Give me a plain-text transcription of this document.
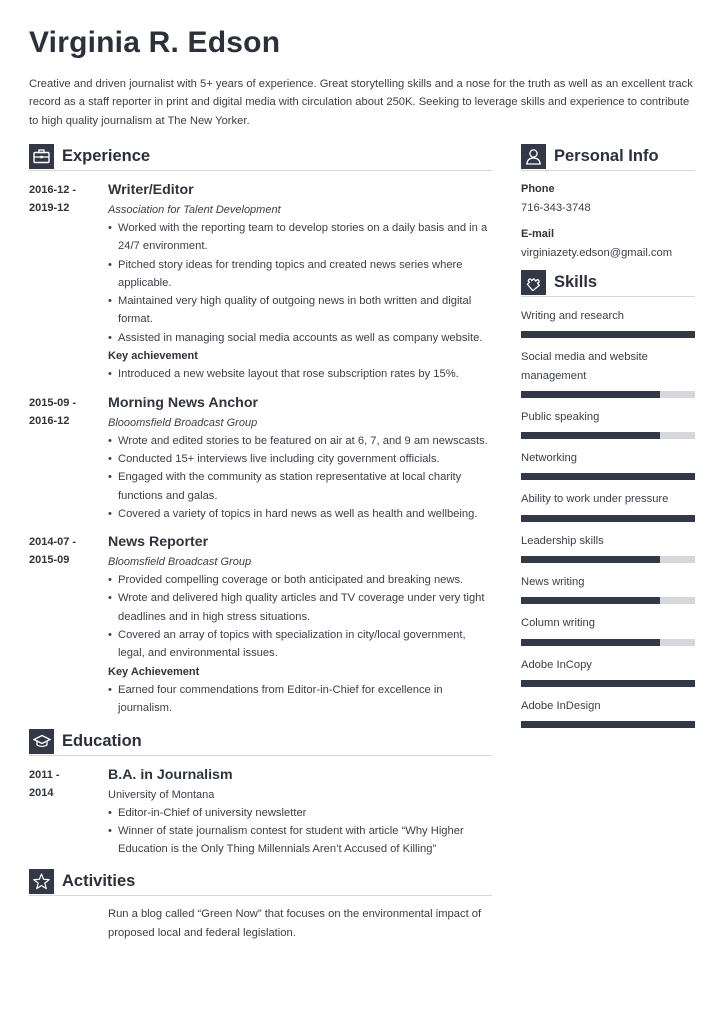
Virginia R. Edson
Creative and driven journalist with 5+ years of experience. Great storytelling skills and a nose for the truth as well as an excellent track record as a staff reporter in print and digital media with circulation about 250K. Seeking to leverage skills and experience to contribute to high quality journalism at The New Yorker.
Experience
2016-12 -
2019-12
Writer/Editor
Association for Talent Development
• Worked with the reporting team to develop stories on a daily basis and in a 24/7 environment.
• Pitched story ideas for trending topics and created news series where applicable.
• Maintained very high quality of outgoing news in both written and digital format.
• Assisted in managing social media accounts as well as company website.
Key achievement
• Introduced a new website layout that rose subscription rates by 15%.
2015-09 -
2016-12
Morning News Anchor
Blooomsfield Broadcast Group
• Wrote and edited stories to be featured on air at 6, 7, and 9 am newscasts.
• Conducted 15+ interviews live including city government officials.
• Engaged with the community as station representative at local charity functions and galas.
• Covered a variety of topics in hard news as well as health and wellbeing.
2014-07 -
2015-09
News Reporter
Bloomsfield Broadcast Group
• Provided compelling coverage or both anticipated and breaking news.
• Wrote and delivered high quality articles and TV coverage under very tight deadlines and in high stress situations.
• Covered an array of topics with specialization in city/local government, legal, and environmental issues.
Key Achievement
• Earned four commendations from Editor-in-Chief for excellence in journalism.
Education
2011 -
2014
B.A. in Journalism
University of Montana
• Editor-in-Chief of university newsletter
• Winner of state journalism contest for student with article “Why Higher Education is the Only Thing Millennials Aren’t Accused of Killing”
Activities
Run a blog called “Green Now” that focuses on the environmental impact of proposed local and federal legislation.
Personal Info
Phone
716-343-3748
E-mail
virginiazety.edson@gmail.com
Skills
Writing and research
Social media and website management
Public speaking
Networking
Ability to work under pressure
Leadership skills
News writing
Column writing
Adobe InCopy
Adobe InDesign
